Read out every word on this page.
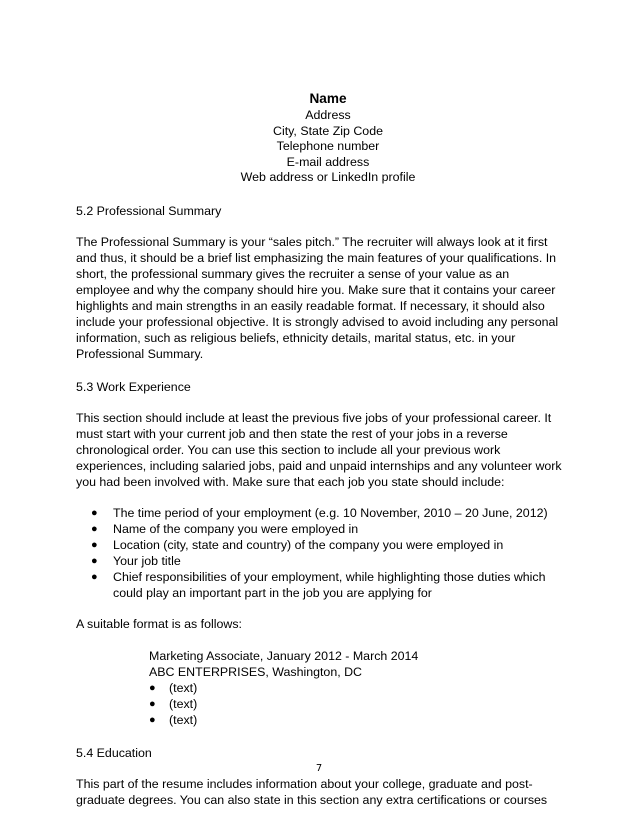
Name
Address
City, State Zip Code
Telephone number
E-mail address
Web address or LinkedIn profile
5.2 Professional Summary
The Professional Summary is your “sales pitch.” The recruiter will always look at it first and thus, it should be a brief list emphasizing the main features of your qualifications. In short, the professional summary gives the recruiter a sense of your value as an employee and why the company should hire you. Make sure that it contains your career highlights and main strengths in an easily readable format. If necessary, it should also include your professional objective. It is strongly advised to avoid including any personal information, such as religious beliefs, ethnicity details, marital status, etc. in your Professional Summary.
5.3 Work Experience
This section should include at least the previous five jobs of your professional career. It must start with your current job and then state the rest of your jobs in a reverse chronological order. You can use this section to include all your previous work experiences, including salaried jobs, paid and unpaid internships and any volunteer work you had been involved with. Make sure that each job you state should include:
● The time period of your employment (e.g. 10 November, 2010 – 20 June, 2012)
● Name of the company you were employed in
● Location (city, state and country) of the company you were employed in
● Your job title
● Chief responsibilities of your employment, while highlighting those duties which could play an important part in the job you are applying for
A suitable format is as follows:
Marketing Associate, January 2012 - March 2014
ABC ENTERPRISES, Washington, DC
● (text)
● (text)
● (text)
5.4 Education
This part of the resume includes information about your college, graduate and post-graduate degrees. You can also state in this section any extra certifications or courses
7
